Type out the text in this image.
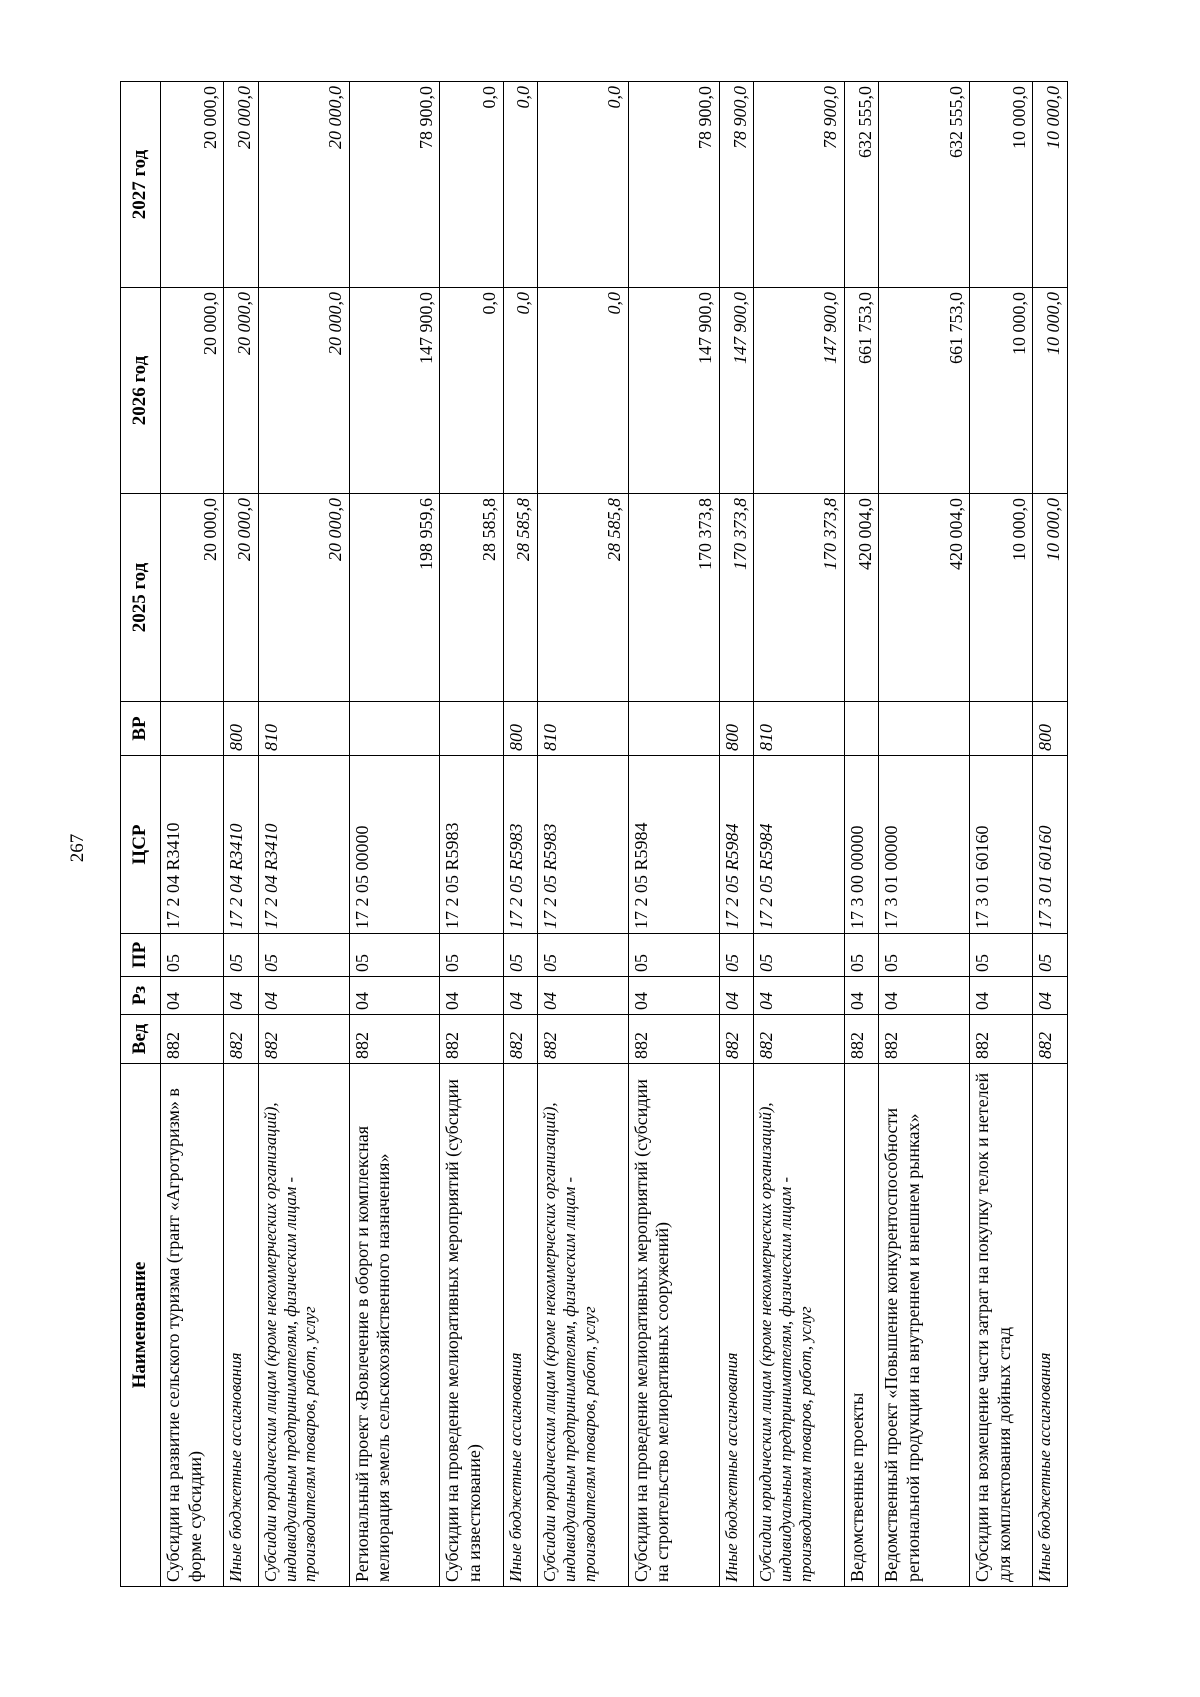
267
Наименование	Вед	Рз	ПР	ЦСР	ВР	2025 год	2026 год	2027 год
Субсидии на развитие сельского туризма (грант «Агротуризм» в форме субсидии)	882	04	05	17 2 04 R3410		20 000,0	20 000,0	20 000,0
Иные бюджетные ассигнования	882	04	05	17 2 04 R3410	800	20 000,0	20 000,0	20 000,0
Субсидии юридическим лицам (кроме некоммерческих организаций), индивидуальным предпринимателям, физическим лицам - производителям товаров, работ, услуг	882	04	05	17 2 04 R3410	810	20 000,0	20 000,0	20 000,0
Региональный проект «Вовлечение в оборот и комплексная мелиорация земель сельскохозяйственного назначения»	882	04	05	17 2 05 00000		198 959,6	147 900,0	78 900,0
Субсидии на проведение мелиоративных мероприятий (субсидии на известкование)	882	04	05	17 2 05 R5983		28 585,8	0,0	0,0
Иные бюджетные ассигнования	882	04	05	17 2 05 R5983	800	28 585,8	0,0	0,0
Субсидии юридическим лицам (кроме некоммерческих организаций), индивидуальным предпринимателям, физическим лицам - производителям товаров, работ, услуг	882	04	05	17 2 05 R5983	810	28 585,8	0,0	0,0
Субсидии на проведение мелиоративных мероприятий (субсидии на строительство мелиоративных сооружений)	882	04	05	17 2 05 R5984		170 373,8	147 900,0	78 900,0
Иные бюджетные ассигнования	882	04	05	17 2 05 R5984	800	170 373,8	147 900,0	78 900,0
Субсидии юридическим лицам (кроме некоммерческих организаций), индивидуальным предпринимателям, физическим лицам - производителям товаров, работ, услуг	882	04	05	17 2 05 R5984	810	170 373,8	147 900,0	78 900,0
Ведомственные проекты	882	04	05	17 3 00 00000		420 004,0	661 753,0	632 555,0
Ведомственный проект «Повышение конкурентоспособности региональной продукции на внутреннем и внешнем рынках»	882	04	05	17 3 01 00000		420 004,0	661 753,0	632 555,0
Субсидии на возмещение части затрат на покупку телок и нетелей для комплектования дойных стад	882	04	05	17 3 01 60160		10 000,0	10 000,0	10 000,0
Иные бюджетные ассигнования	882	04	05	17 3 01 60160	800	10 000,0	10 000,0	10 000,0
